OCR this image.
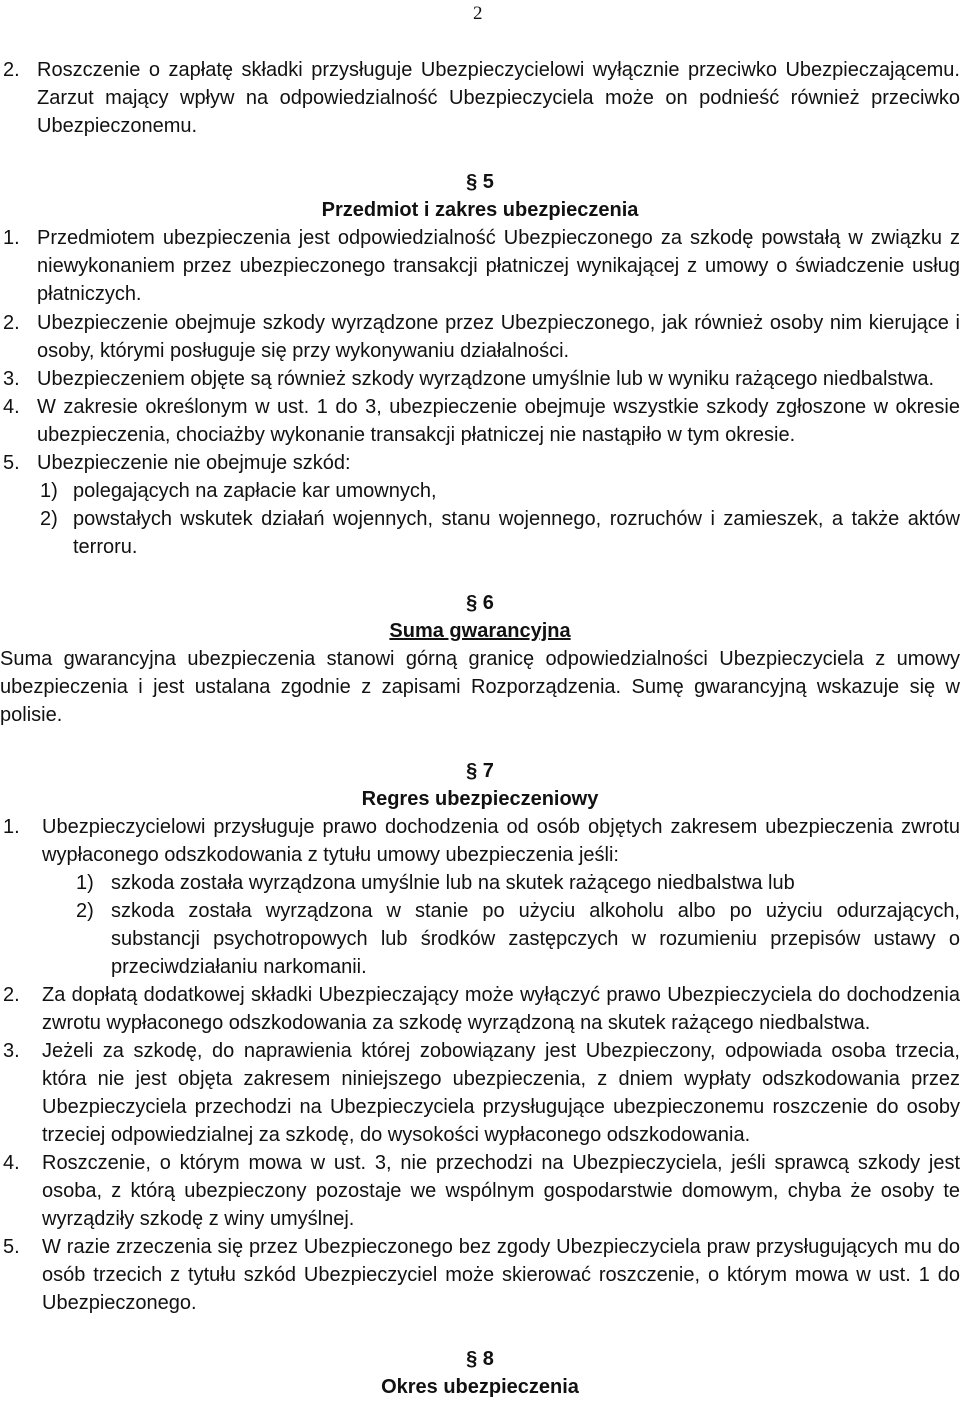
2
2. Roszczenie o zapłatę składki przysługuje Ubezpieczycielowi wyłącznie przeciwko Ubezpieczającemu. Zarzut mający wpływ na odpowiedzialność Ubezpieczyciela może on podnieść również przeciwko Ubezpieczonemu.
§ 5
Przedmiot i zakres ubezpieczenia
1. Przedmiotem ubezpieczenia jest odpowiedzialność Ubezpieczonego za szkodę powstałą w związku z niewykonaniem przez ubezpieczonego transakcji płatniczej wynikającej z umowy o świadczenie usług płatniczych.
2. Ubezpieczenie obejmuje szkody wyrządzone przez Ubezpieczonego, jak również osoby nim kierujące i osoby, którymi posługuje się przy wykonywaniu działalności.
3. Ubezpieczeniem objęte są również szkody wyrządzone umyślnie lub w wyniku rażącego niedbalstwa.
4. W zakresie określonym w ust. 1 do 3, ubezpieczenie obejmuje wszystkie szkody zgłoszone w okresie ubezpieczenia, chociażby wykonanie transakcji płatniczej nie nastąpiło w tym okresie.
5. Ubezpieczenie nie obejmuje szkód:
1) polegających na zapłacie kar umownych,
2) powstałych wskutek działań wojennych, stanu wojennego, rozruchów i zamieszek, a także aktów terroru.
§ 6
Suma gwarancyjna
Suma gwarancyjna ubezpieczenia stanowi górną granicę odpowiedzialności Ubezpieczyciela z umowy ubezpieczenia i jest ustalana zgodnie z zapisami Rozporządzenia. Sumę gwarancyjną wskazuje się w polisie.
§ 7
Regres ubezpieczeniowy
1. Ubezpieczycielowi przysługuje prawo dochodzenia od osób objętych zakresem ubezpieczenia zwrotu wypłaconego odszkodowania z tytułu umowy ubezpieczenia jeśli:
1) szkoda została wyrządzona umyślnie lub na skutek rażącego niedbalstwa lub
2) szkoda została wyrządzona w stanie po użyciu alkoholu albo po użyciu odurzających, substancji psychotropowych lub środków zastępczych w rozumieniu przepisów ustawy o przeciwdziałaniu narkomanii.
2. Za dopłatą dodatkowej składki Ubezpieczający może wyłączyć prawo Ubezpieczyciela do dochodzenia zwrotu wypłaconego odszkodowania za szkodę wyrządzoną na skutek rażącego niedbalstwa.
3. Jeżeli za szkodę, do naprawienia której zobowiązany jest Ubezpieczony, odpowiada osoba trzecia, która nie jest objęta zakresem niniejszego ubezpieczenia, z dniem wypłaty odszkodowania przez Ubezpieczyciela przechodzi na Ubezpieczyciela przysługujące ubezpieczonemu roszczenie do osoby trzeciej odpowiedzialnej za szkodę, do wysokości wypłaconego odszkodowania.
4. Roszczenie, o którym mowa w ust. 3, nie przechodzi na Ubezpieczyciela, jeśli sprawcą szkody jest osoba, z którą ubezpieczony pozostaje we wspólnym gospodarstwie domowym, chyba że osoby te wyrządziły szkodę z winy umyślnej.
5. W razie zrzeczenia się przez Ubezpieczonego bez zgody Ubezpieczyciela praw przysługujących mu do osób trzecich z tytułu szkód Ubezpieczyciel może skierować roszczenie, o którym mowa w ust. 1 do Ubezpieczonego.
§ 8
Okres ubezpieczenia
